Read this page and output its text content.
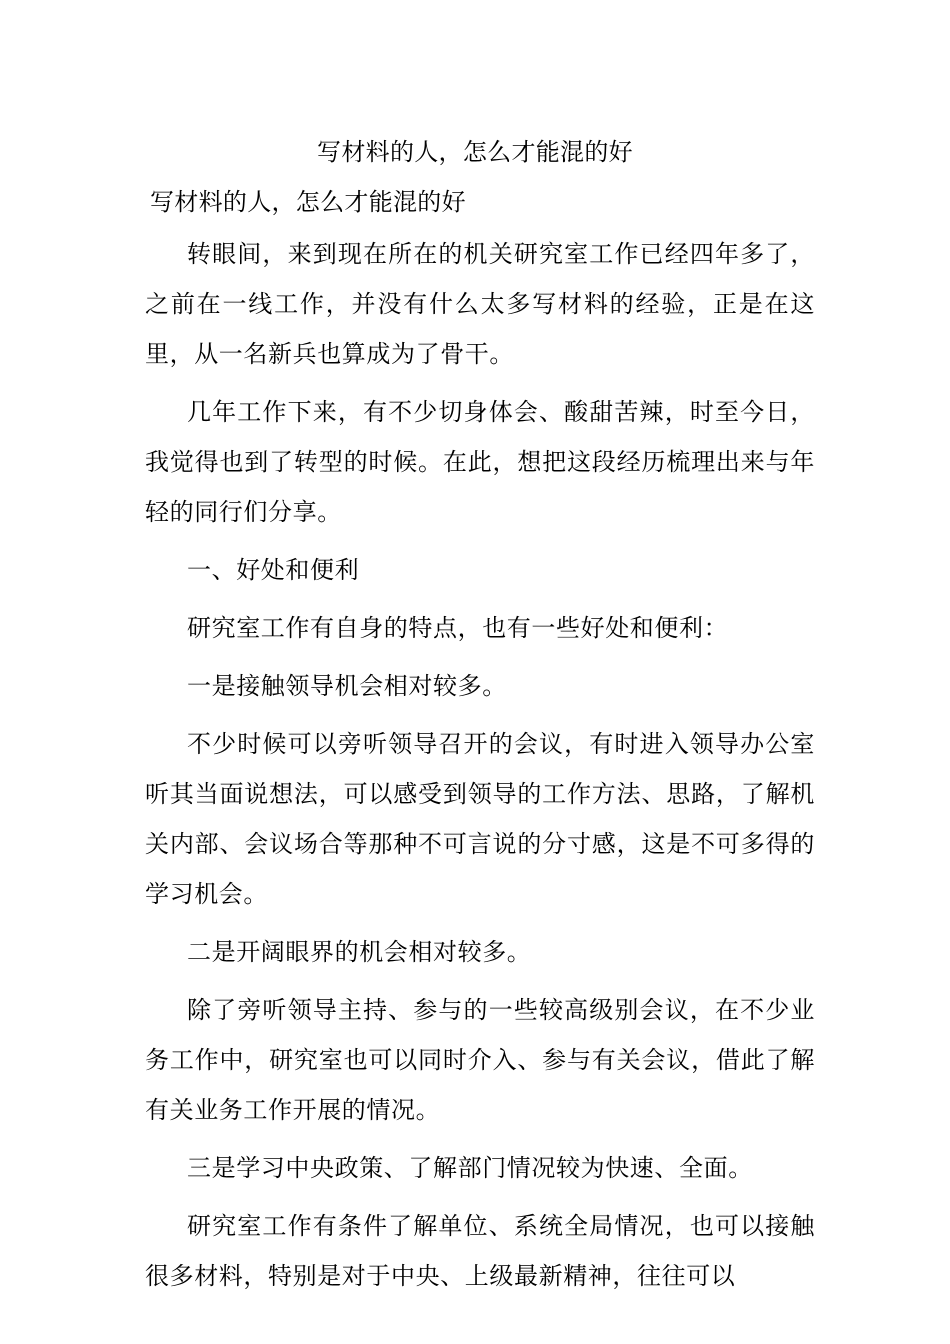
写材料的人，怎么才能混的好
写材料的人，怎么才能混的好

转眼间，来到现在所在的机关研究室工作已经四年多了，之前在一线工作，并没有什么太多写材料的经验，正是在这里，从一名新兵也算成为了骨干。

几年工作下来，有不少切身体会、酸甜苦辣，时至今日，我觉得也到了转型的时候。在此，想把这段经历梳理出来与年轻的同行们分享。

一、好处和便利

研究室工作有自身的特点，也有一些好处和便利：

一是接触领导机会相对较多。

不少时候可以旁听领导召开的会议，有时进入领导办公室听其当面说想法，可以感受到领导的工作方法、思路，了解机关内部、会议场合等那种不可言说的分寸感，这是不可多得的学习机会。

二是开阔眼界的机会相对较多。

除了旁听领导主持、参与的一些较高级别会议，在不少业务工作中，研究室也可以同时介入、参与有关会议，借此了解有关业务工作开展的情况。

三是学习中央政策、了解部门情况较为快速、全面。

研究室工作有条件了解单位、系统全局情况，也可以接触很多材料，特别是对于中央、上级最新精神，往往可以
